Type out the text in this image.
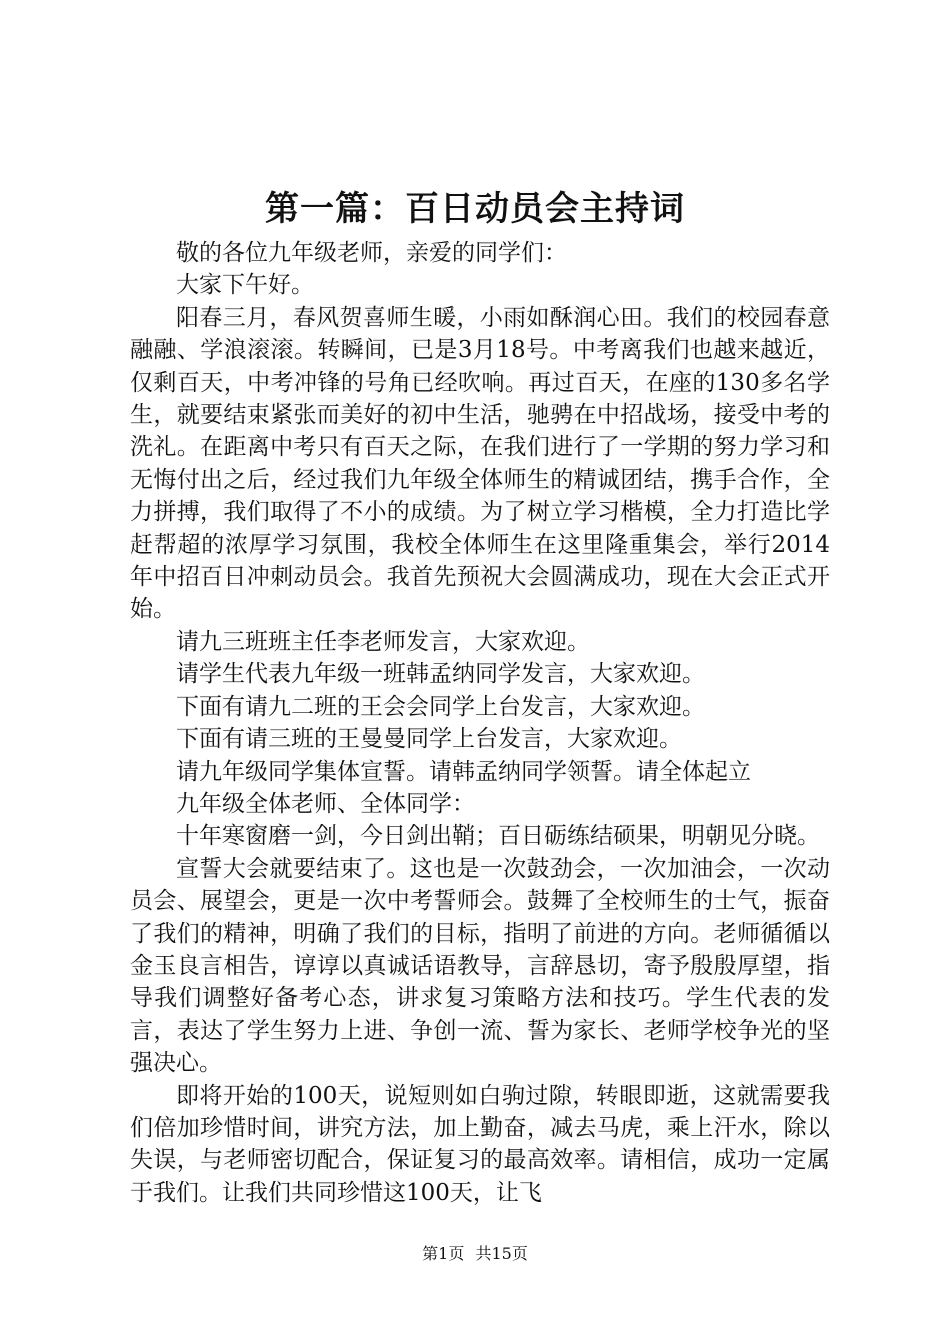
第一篇：百日动员会主持词

敬的各位九年级老师，亲爱的同学们：

大家下午好。

阳春三月，春风贺喜师生暖，小雨如酥润心田。我们的校园春意融融、学浪滚滚。转瞬间，已是3月18号。中考离我们也越来越近，仅剩百天，中考冲锋的号角已经吹响。再过百天，在座的130多名学生，就要结束紧张而美好的初中生活，驰骋在中招战场，接受中考的洗礼。在距离中考只有百天之际，在我们进行了一学期的努力学习和无悔付出之后，经过我们九年级全体师生的精诚团结，携手合作，全力拼搏，我们取得了不小的成绩。为了树立学习楷模，全力打造比学赶帮超的浓厚学习氛围，我校全体师生在这里隆重集会，举行2014年中招百日冲刺动员会。我首先预祝大会圆满成功，现在大会正式开始。

请九三班班主任李老师发言，大家欢迎。

请学生代表九年级一班韩孟纳同学发言，大家欢迎。

下面有请九二班的王会会同学上台发言，大家欢迎。

下面有请三班的王曼曼同学上台发言，大家欢迎。

请九年级同学集体宣誓。请韩孟纳同学领誓。请全体起立

九年级全体老师、全体同学：

十年寒窗磨一剑，今日剑出鞘；百日砺练结硕果，明朝见分晓。

宣誓大会就要结束了。这也是一次鼓劲会，一次加油会，一次动员会、展望会，更是一次中考誓师会。鼓舞了全校师生的士气，振奋了我们的精神，明确了我们的目标，指明了前进的方向。老师循循以金玉良言相告，谆谆以真诚话语教导，言辞恳切，寄予殷殷厚望，指导我们调整好备考心态，讲求复习策略方法和技巧。学生代表的发言，表达了学生努力上进、争创一流、誓为家长、老师学校争光的坚强决心。

即将开始的100天，说短则如白驹过隙，转眼即逝，这就需要我们倍加珍惜时间，讲究方法，加上勤奋，减去马虎，乘上汗水，除以失误，与老师密切配合，保证复习的最高效率。请相信，成功一定属于我们。让我们共同珍惜这100天，让飞

第1页 共15页
